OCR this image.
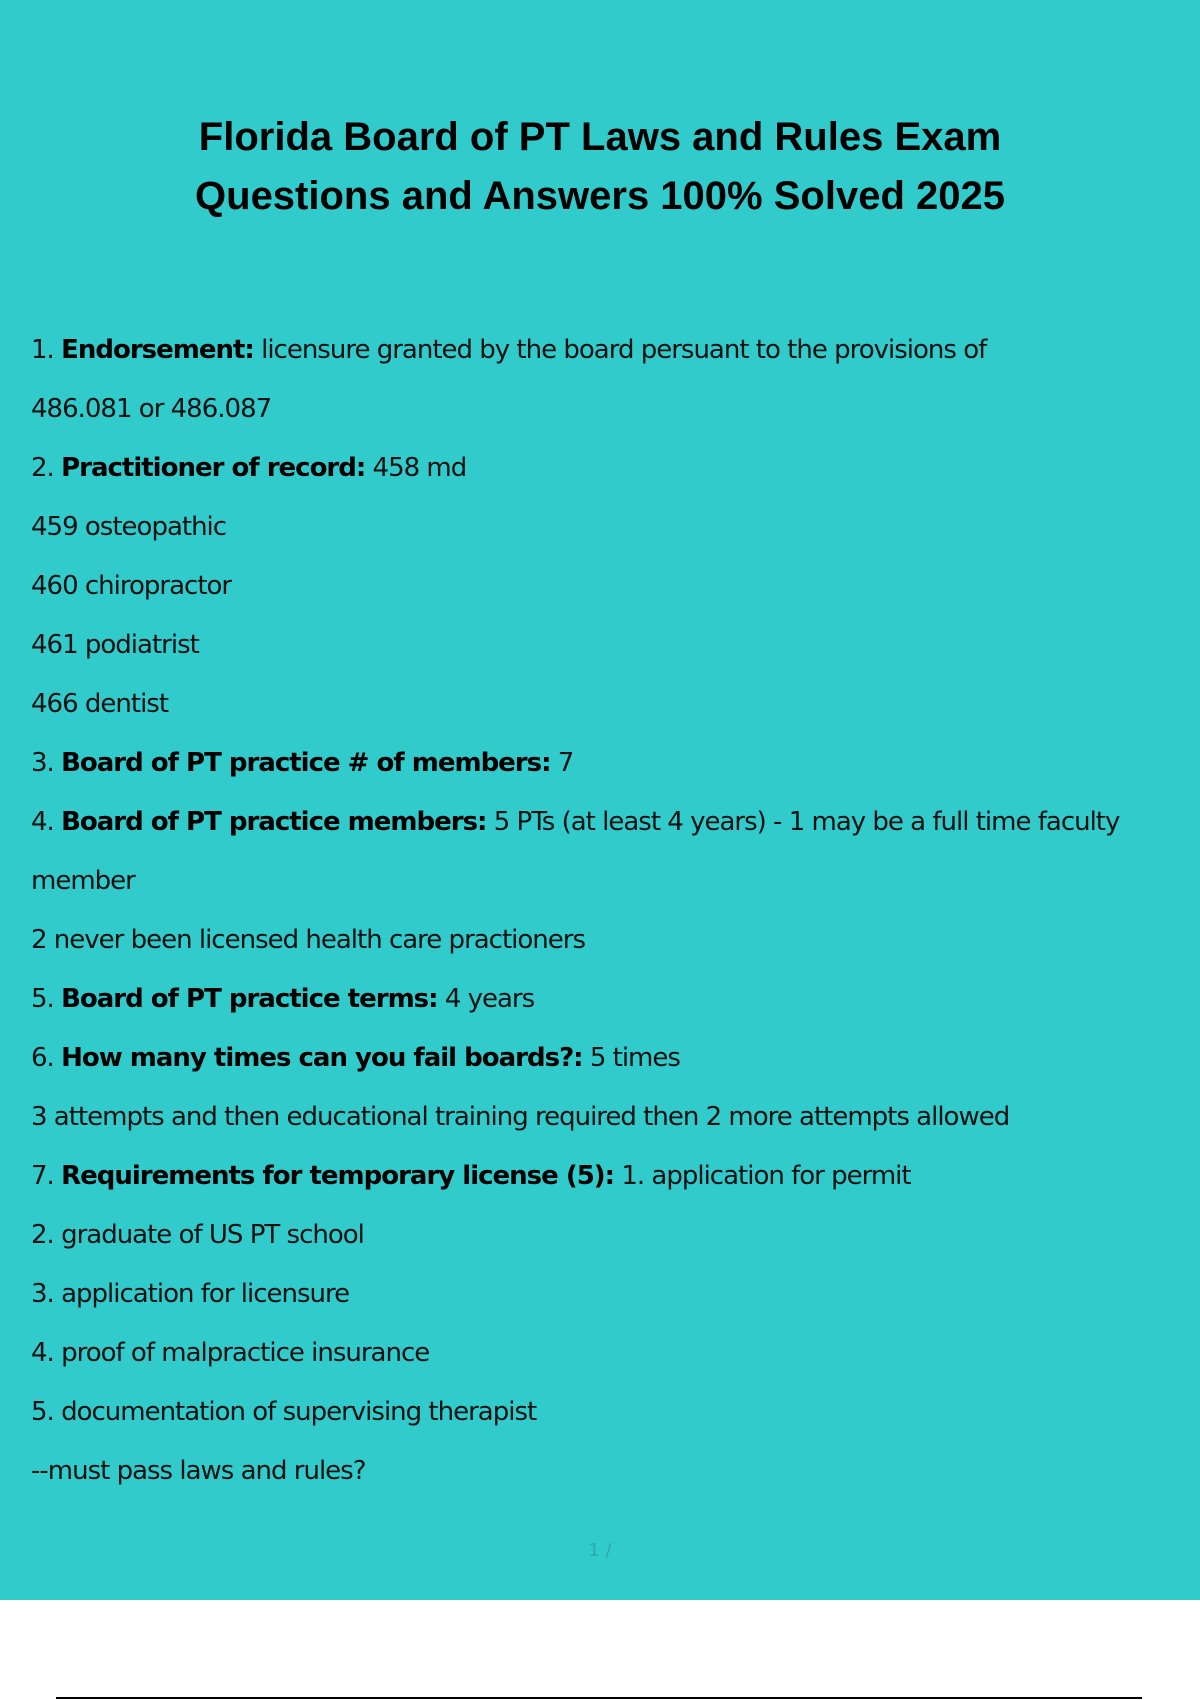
Florida Board of PT Laws and Rules Exam
Questions and Answers 100% Solved 2025
1. Endorsement: licensure granted by the board persuant to the provisions of
486.081 or 486.087
2. Practitioner of record: 458 md
459 osteopathic
460 chiropractor
461 podiatrist
466 dentist
3. Board of PT practice # of members: 7
4. Board of PT practice members: 5 PTs (at least 4 years) - 1 may be a full time faculty
member
2 never been licensed health care practioners
5. Board of PT practice terms: 4 years
6. How many times can you fail boards?: 5 times
3 attempts and then educational training required then 2 more attempts allowed
7. Requirements for temporary license (5): 1. application for permit
2. graduate of US PT school
3. application for licensure
4. proof of malpractice insurance
5. documentation of supervising therapist
--must pass laws and rules?
1 /
